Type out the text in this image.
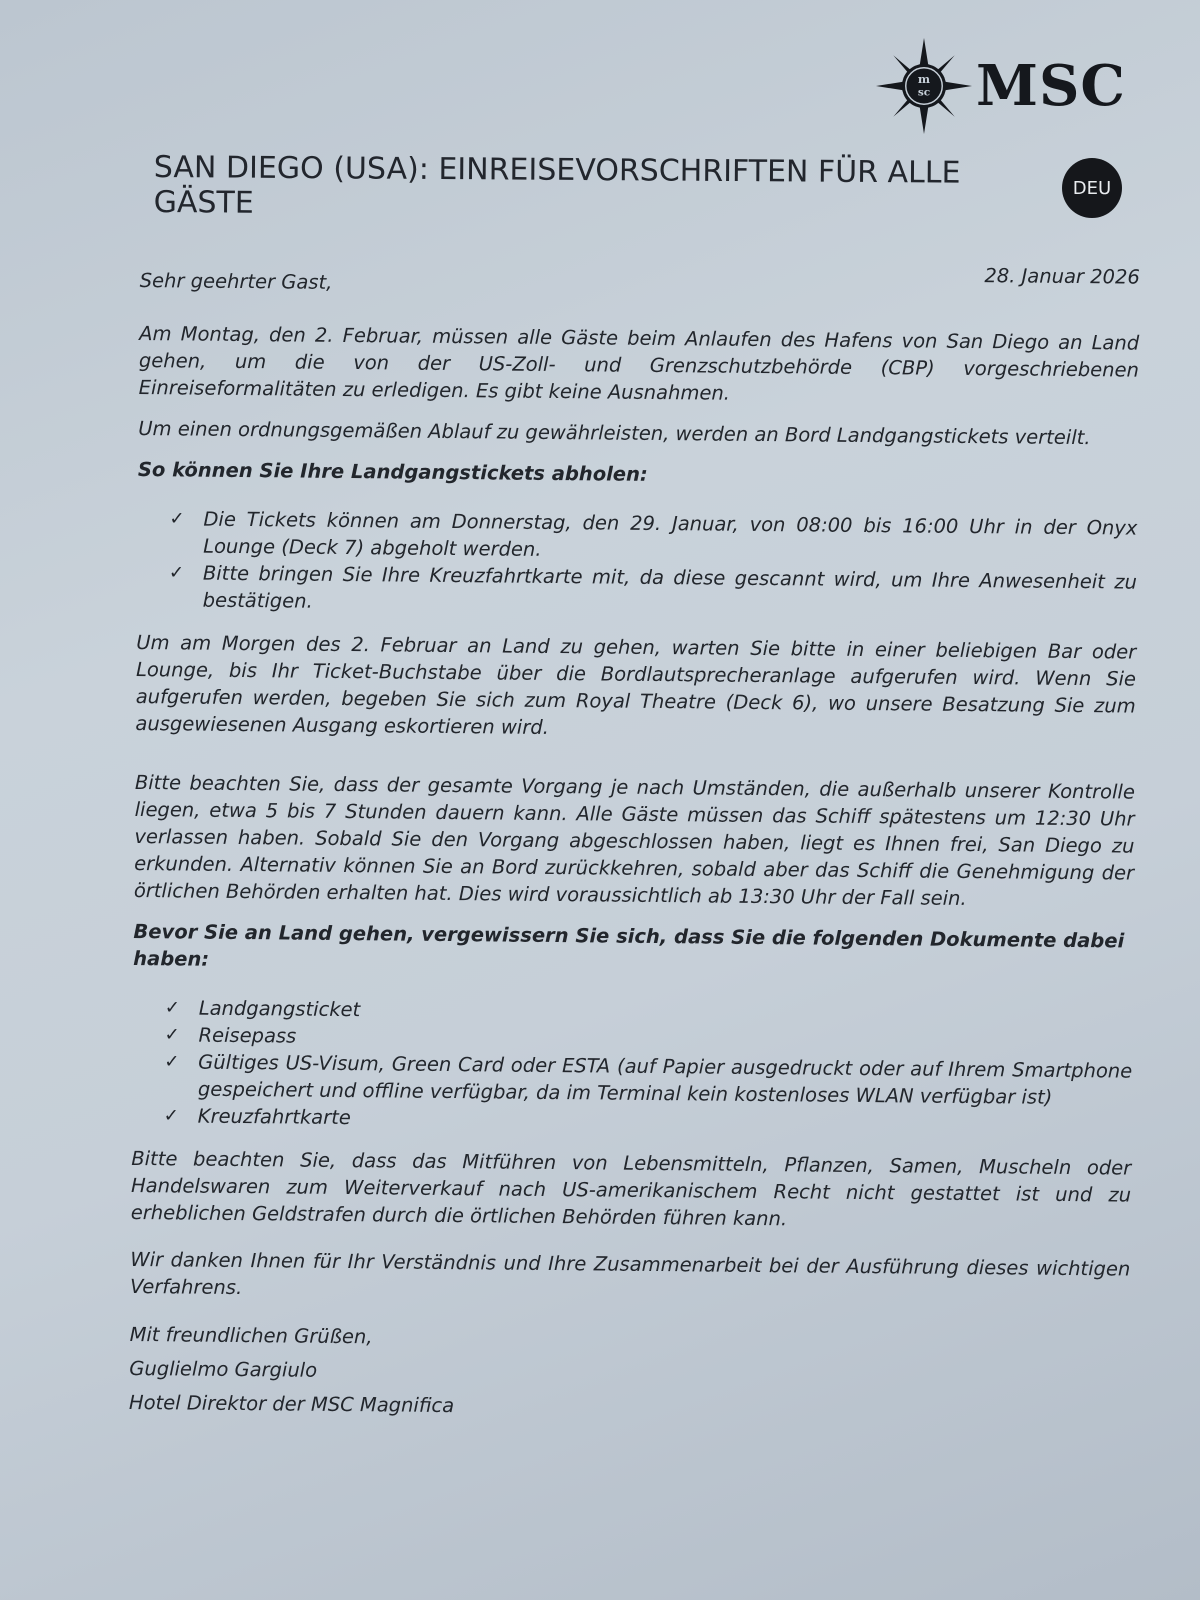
m
sc MSC
SAN DIEGO (USA): EINREISEVORSCHRIFTEN FÜR ALLE GÄSTE	DEU
28. Januar 2026
Sehr geehrter Gast,

Am Montag, den 2. Februar, müssen alle Gäste beim Anlaufen des Hafens von San Diego an Land gehen, um die von der US-Zoll- und Grenzschutzbehörde (CBP) vorgeschriebenen Einreiseformalitäten zu erledigen. Es gibt keine Ausnahmen.

Um einen ordnungsgemäßen Ablauf zu gewährleisten, werden an Bord Landgangstickets verteilt.

So können Sie Ihre Landgangstickets abholen:
✓ Die Tickets können am Donnerstag, den 29. Januar, von 08:00 bis 16:00 Uhr in der Onyx Lounge (Deck 7) abgeholt werden.
✓ Bitte bringen Sie Ihre Kreuzfahrtkarte mit, da diese gescannt wird, um Ihre Anwesenheit zu bestätigen.

Um am Morgen des 2. Februar an Land zu gehen, warten Sie bitte in einer beliebigen Bar oder Lounge, bis Ihr Ticket-Buchstabe über die Bordlautsprecheranlage aufgerufen wird. Wenn Sie aufgerufen werden, begeben Sie sich zum Royal Theatre (Deck 6), wo unsere Besatzung Sie zum ausgewiesenen Ausgang eskortieren wird.

Bitte beachten Sie, dass der gesamte Vorgang je nach Umständen, die außerhalb unserer Kontrolle liegen, etwa 5 bis 7 Stunden dauern kann. Alle Gäste müssen das Schiff spätestens um 12:30 Uhr verlassen haben. Sobald Sie den Vorgang abgeschlossen haben, liegt es Ihnen frei, San Diego zu erkunden. Alternativ können Sie an Bord zurückkehren, sobald aber das Schiff die Genehmigung der örtlichen Behörden erhalten hat. Dies wird voraussichtlich ab 13:30 Uhr der Fall sein.

Bevor Sie an Land gehen, vergewissern Sie sich, dass Sie die folgenden Dokumente dabei haben:
✓ Landgangsticket
✓ Reisepass
✓ Gültiges US-Visum, Green Card oder ESTA (auf Papier ausgedruckt oder auf Ihrem Smartphone gespeichert und offline verfügbar, da im Terminal kein kostenloses WLAN verfügbar ist)
✓ Kreuzfahrtkarte

Bitte beachten Sie, dass das Mitführen von Lebensmitteln, Pflanzen, Samen, Muscheln oder Handelswaren zum Weiterverkauf nach US-amerikanischem Recht nicht gestattet ist und zu erheblichen Geldstrafen durch die örtlichen Behörden führen kann.

Wir danken Ihnen für Ihr Verständnis und Ihre Zusammenarbeit bei der Ausführung dieses wichtigen Verfahrens.

Mit freundlichen Grüßen,
Guglielmo Gargiulo
Hotel Direktor der MSC Magnifica
